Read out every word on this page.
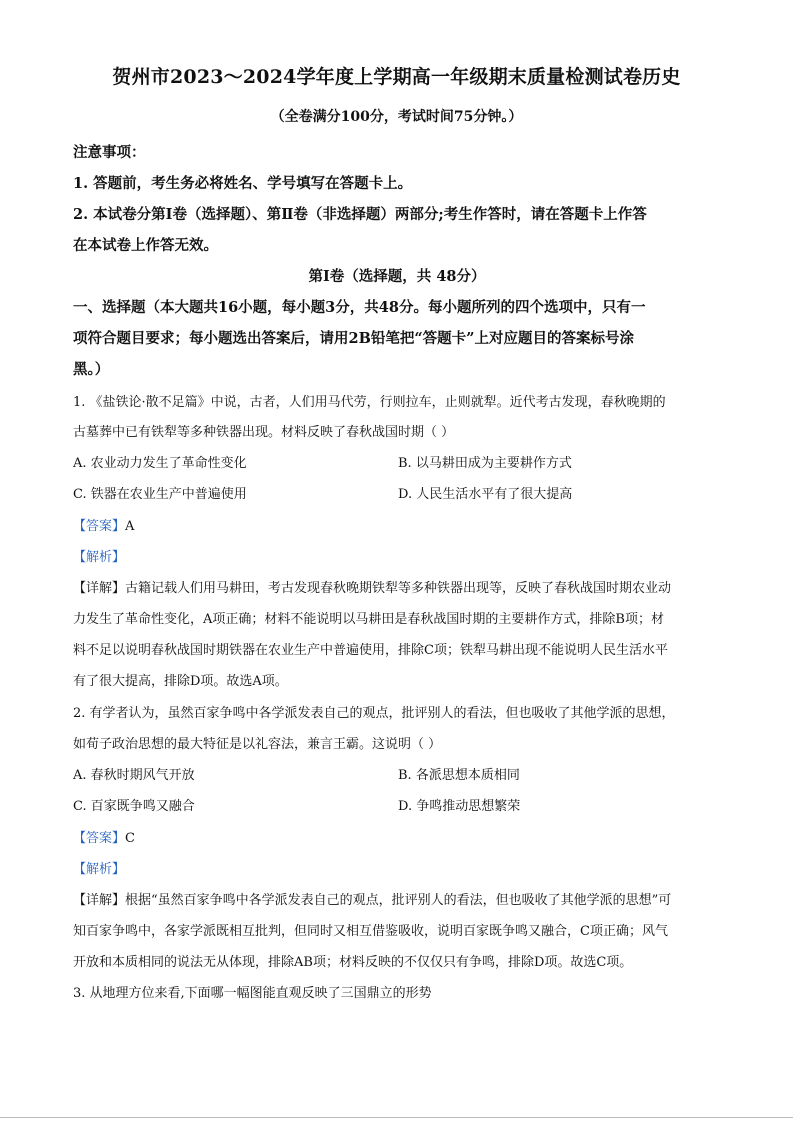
贺州市2023～2024学年度上学期高一年级期末质量检测试卷历史
（全卷满分100分，考试时间75分钟。）
注意事项：
1. 答题前，考生务必将姓名、学号填写在答题卡上。
2. 本试卷分第Ⅰ卷（选择题）、第Ⅱ卷（非选择题）两部分;考生作答时，请在答题卡上作答
在本试卷上作答无效。
第Ⅰ卷（选择题，共 48分）
一、选择题（本大题共16小题，每小题3分，共48分。每小题所列的四个选项中，只有一
项符合题目要求；每小题选出答案后，请用2B铅笔把“答题卡”上对应题目的答案标号涂
黑。）
1. 《盐铁论·散不足篇》中说，古者，人们用马代劳，行则拉车，止则就犁。近代考古发现，春秋晚期的
古墓葬中已有铁犁等多种铁器出现。材料反映了春秋战国时期（ ）
A. 农业动力发生了革命性变化	B. 以马耕田成为主要耕作方式
C. 铁器在农业生产中普遍使用	D. 人民生活水平有了很大提高
【答案】A
【解析】
【详解】古籍记载人们用马耕田，考古发现春秋晚期铁犁等多种铁器出现等，反映了春秋战国时期农业动
力发生了革命性变化，A项正确；材料不能说明以马耕田是春秋战国时期的主要耕作方式，排除B项；材
料不足以说明春秋战国时期铁器在农业生产中普遍使用，排除C项；铁犁马耕出现不能说明人民生活水平
有了很大提高，排除D项。故选A项。
2. 有学者认为，虽然百家争鸣中各学派发表自己的观点，批评别人的看法，但也吸收了其他学派的思想，
如荀子政治思想的最大特征是以礼容法，兼言王霸。这说明（ ）
A. 春秋时期风气开放	B. 各派思想本质相同
C. 百家既争鸣又融合	D. 争鸣推动思想繁荣
【答案】C
【解析】
【详解】根据“虽然百家争鸣中各学派发表自己的观点，批评别人的看法，但也吸收了其他学派的思想”可
知百家争鸣中，各家学派既相互批判，但同时又相互借鉴吸收，说明百家既争鸣又融合，C项正确；风气
开放和本质相同的说法无从体现，排除AB项；材料反映的不仅仅只有争鸣，排除D项。故选C项。
3. 从地理方位来看,下面哪一幅图能直观反映了三国鼎立的形势
